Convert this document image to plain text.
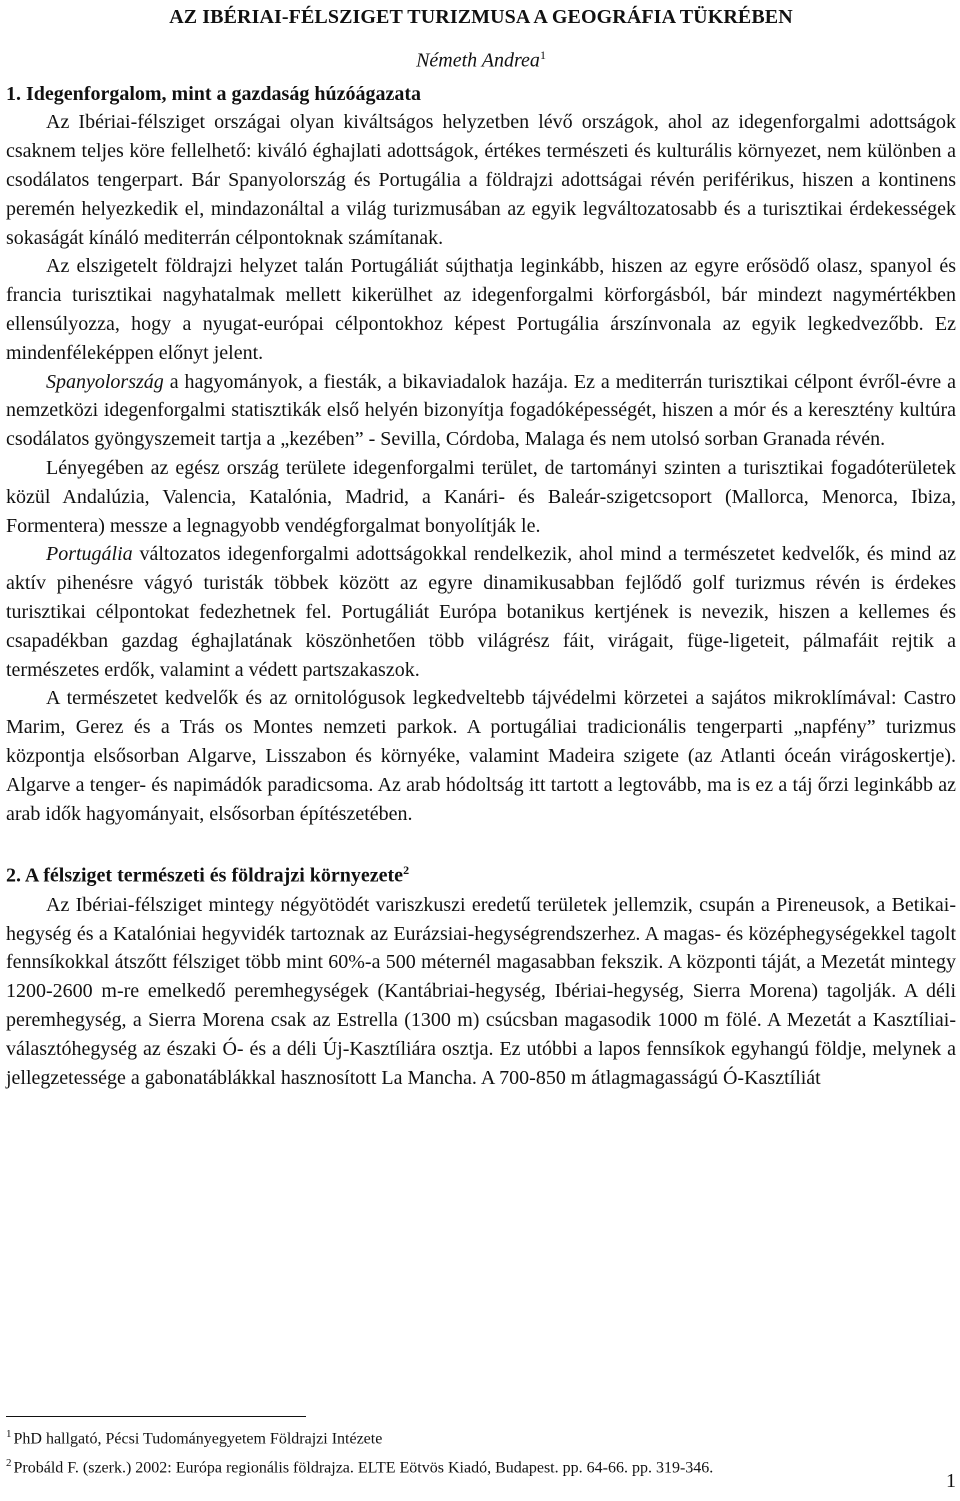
AZ IBÉRIAI-FÉLSZIGET TURIZMUSA A GEOGRÁFIA TÜKRÉBEN
Németh Andrea$^1$
1. Idegenforgalom, mint a gazdaság húzóágazata

Az Ibériai-félsziget országai olyan kiváltságos helyzetben lévő országok, ahol az idegenforgalmi adottságok csaknem teljes köre fellelhető: kiváló éghajlati adottságok, értékes természeti és kulturális környezet, nem különben a csodálatos tengerpart. Bár Spanyolország és Portugália a földrajzi adottságai révén periférikus, hiszen a kontinens peremén helyezkedik el, mindazonáltal a világ turizmusában az egyik legváltozatosabb és a turisztikai érdekességek sokaságát kínáló mediterrán célpontoknak számítanak.

Az elszigetelt földrajzi helyzet talán Portugáliát sújthatja leginkább, hiszen az egyre erősödő olasz, spanyol és francia turisztikai nagyhatalmak mellett kikerülhet az idegenforgalmi körforgásból, bár mindezt nagymértékben ellensúlyozza, hogy a nyugat-európai célpontokhoz képest Portugália árszínvonala az egyik legkedvezőbb. Ez mindenféleképpen előnyt jelent.

Spanyolország a hagyományok, a fiesták, a bikaviadalok hazája. Ez a mediterrán turisztikai célpont évről-évre a nemzetközi idegenforgalmi statisztikák első helyén bizonyítja fogadóképességét, hiszen a mór és a keresztény kultúra csodálatos gyöngyszemeit tartja a „kezében” - Sevilla, Córdoba, Malaga és nem utolsó sorban Granada révén.

Lényegében az egész ország területe idegenforgalmi terület, de tartományi szinten a turisztikai fogadóterületek közül Andalúzia, Valencia, Katalónia, Madrid, a Kanári- és Baleár-szigetcsoport (Mallorca, Menorca, Ibiza, Formentera) messze a legnagyobb vendégforgalmat bonyolítják le.

Portugália változatos idegenforgalmi adottságokkal rendelkezik, ahol mind a természetet kedvelők, és mind az aktív pihenésre vágyó turisták többek között az egyre dinamikusabban fejlődő golf turizmus révén is érdekes turisztikai célpontokat fedezhetnek fel. Portugáliát Európa botanikus kertjének is nevezik, hiszen a kellemes és csapadékban gazdag éghajlatának köszönhetően több világrész fáit, virágait, füge-ligeteit, pálmafáit rejtik a természetes erdők, valamint a védett partszakaszok.

A természetet kedvelők és az ornitológusok legkedveltebb tájvédelmi körzetei a sajátos mikroklímával: Castro Marim, Gerez és a Trás os Montes nemzeti parkok. A portugáliai tradicionális tengerparti „napfény” turizmus központja elsősorban Algarve, Lisszabon és környéke, valamint Madeira szigete (az Atlanti óceán virágoskertje). Algarve a tenger- és napimádók paradicsoma. Az arab hódoltság itt tartott a legtovább, ma is ez a táj őrzi leginkább az arab idők hagyományait, elsősorban építészetében.

2. A félsziget természeti és földrajzi környezete$^2$

Az Ibériai-félsziget mintegy négyötödét variszkuszi eredetű területek jellemzik, csupán a Pireneusok, a Betikai-hegység és a Katalóniai hegyvidék tartoznak az Eurázsiai-hegységrendszerhez. A magas- és középhegységekkel tagolt fennsíkokkal átszőtt félsziget több mint 60%-a 500 méternél magasabban fekszik. A központi táját, a Mezetát mintegy 1200-2600 m-re emelkedő peremhegységek (Kantábriai-hegység, Ibériai-hegység, Sierra Morena) tagolják. A déli peremhegység, a Sierra Morena csak az Estrella (1300 m) csúcsban magasodik 1000 m fölé. A Mezetát a Kasztíliai-választóhegység az északi Ó- és a déli Új-Kasztíliára osztja. Ez utóbbi a lapos fennsíkok egyhangú földje, melynek a jellegzetessége a gabonatáblákkal hasznosított La Mancha. A 700-850 m átlagmagasságú Ó-Kasztíliát

$^1$ PhD hallgató, Pécsi Tudományegyetem Földrajzi Intézete
$^2$ Probáld F. (szerk.) 2002: Európa regionális földrajza. ELTE Eötvös Kiadó, Budapest. pp. 64-66. pp. 319-346.
1
